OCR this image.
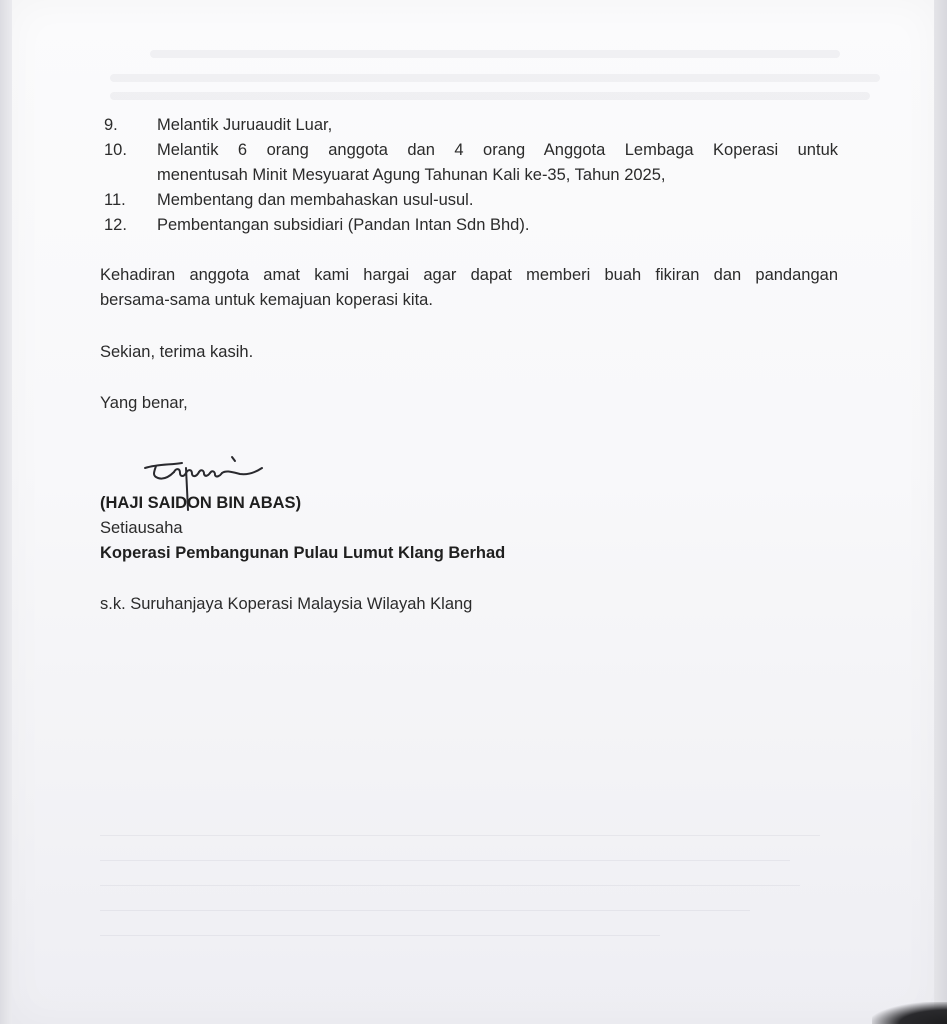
9.	Melantik Juruaudit Luar,
10.	Melantik 6 orang anggota dan 4 orang Anggota Lembaga Koperasi untuk
menentusah Minit Mesyuarat Agung Tahunan Kali ke-35, Tahun 2025,
11.	Membentang dan membahaskan usul-usul.
12.	Pembentangan subsidiari (Pandan Intan Sdn Bhd).
Kehadiran anggota amat kami hargai agar dapat memberi buah fikiran dan pandangan
bersama-sama untuk kemajuan koperasi kita.
Sekian, terima kasih.
Yang benar,
(HAJI SAIDON BIN ABAS)
Setiausaha
Koperasi Pembangunan Pulau Lumut Klang Berhad
s.k. Suruhanjaya Koperasi Malaysia Wilayah Klang
